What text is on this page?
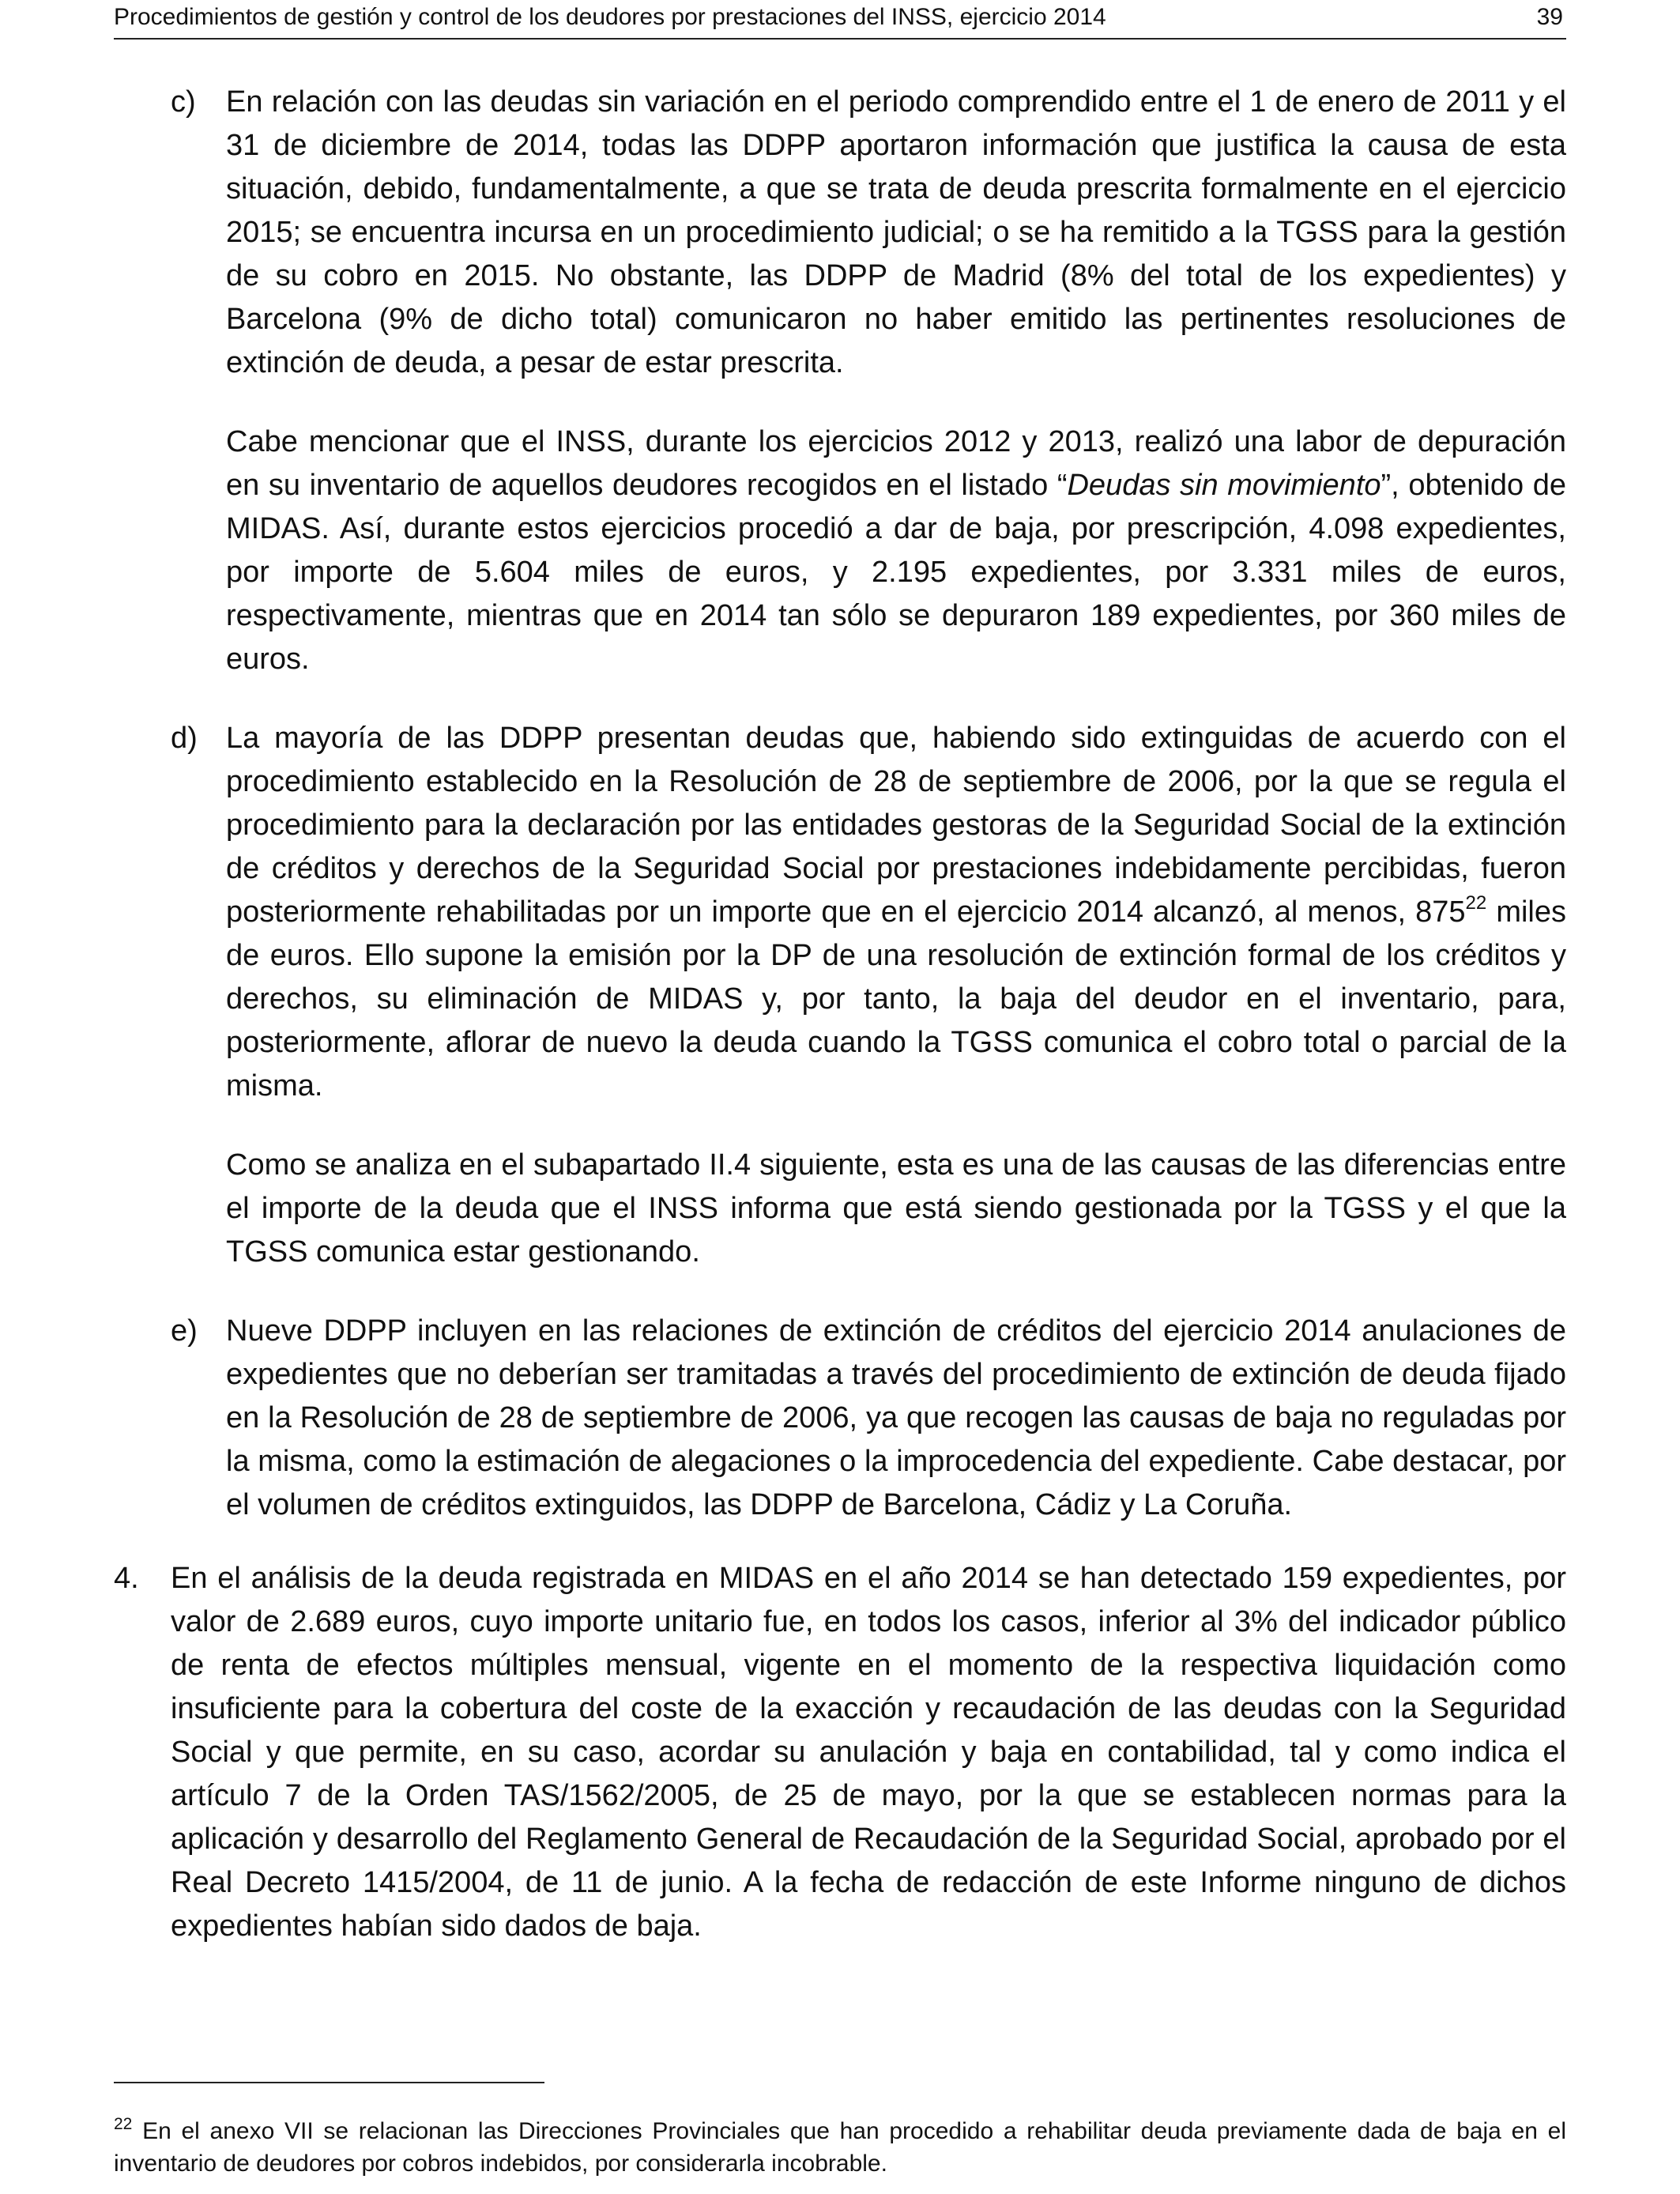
Procedimientos de gestión y control de los deudores por prestaciones del INSS, ejercicio 2014	39
c) En relación con las deudas sin variación en el periodo comprendido entre el 1 de enero de 2011 y el 31 de diciembre de 2014, todas las DDPP aportaron información que justifica la causa de esta situación, debido, fundamentalmente, a que se trata de deuda prescrita formalmente en el ejercicio 2015; se encuentra incursa en un procedimiento judicial; o se ha remitido a la TGSS para la gestión de su cobro en 2015. No obstante, las DDPP de Madrid (8% del total de los expedientes) y Barcelona (9% de dicho total) comunicaron no haber emitido las pertinentes resoluciones de extinción de deuda, a pesar de estar prescrita.

Cabe mencionar que el INSS, durante los ejercicios 2012 y 2013, realizó una labor de depuración en su inventario de aquellos deudores recogidos en el listado “Deudas sin movimiento”, obtenido de MIDAS. Así, durante estos ejercicios procedió a dar de baja, por prescripción, 4.098 expedientes, por importe de 5.604 miles de euros, y 2.195 expedientes, por 3.331 miles de euros, respectivamente, mientras que en 2014 tan sólo se depuraron 189 expedientes, por 360 miles de euros.

d) La mayoría de las DDPP presentan deudas que, habiendo sido extinguidas de acuerdo con el procedimiento establecido en la Resolución de 28 de septiembre de 2006, por la que se regula el procedimiento para la declaración por las entidades gestoras de la Seguridad Social de la extinción de créditos y derechos de la Seguridad Social por prestaciones indebidamente percibidas, fueron posteriormente rehabilitadas por un importe que en el ejercicio 2014 alcanzó, al menos, $875^{22}$ miles de euros. Ello supone la emisión por la DP de una resolución de extinción formal de los créditos y derechos, su eliminación de MIDAS y, por tanto, la baja del deudor en el inventario, para, posteriormente, aflorar de nuevo la deuda cuando la TGSS comunica el cobro total o parcial de la misma.

Como se analiza en el subapartado II.4 siguiente, esta es una de las causas de las diferencias entre el importe de la deuda que el INSS informa que está siendo gestionada por la TGSS y el que la TGSS comunica estar gestionando.

e) Nueve DDPP incluyen en las relaciones de extinción de créditos del ejercicio 2014 anulaciones de expedientes que no deberían ser tramitadas a través del procedimiento de extinción de deuda fijado en la Resolución de 28 de septiembre de 2006, ya que recogen las causas de baja no reguladas por la misma, como la estimación de alegaciones o la improcedencia del expediente. Cabe destacar, por el volumen de créditos extinguidos, las DDPP de Barcelona, Cádiz y La Coruña.

4. En el análisis de la deuda registrada en MIDAS en el año 2014 se han detectado 159 expedientes, por valor de 2.689 euros, cuyo importe unitario fue, en todos los casos, inferior al 3% del indicador público de renta de efectos múltiples mensual, vigente en el momento de la respectiva liquidación como insuficiente para la cobertura del coste de la exacción y recaudación de las deudas con la Seguridad Social y que permite, en su caso, acordar su anulación y baja en contabilidad, tal y como indica el artículo 7 de la Orden TAS/1562/2005, de 25 de mayo, por la que se establecen normas para la aplicación y desarrollo del Reglamento General de Recaudación de la Seguridad Social, aprobado por el Real Decreto 1415/2004, de 11 de junio. A la fecha de redacción de este Informe ninguno de dichos expedientes habían sido dados de baja.

$^{22}$ En el anexo VII se relacionan las Direcciones Provinciales que han procedido a rehabilitar deuda previamente dada de baja en el inventario de deudores por cobros indebidos, por considerarla incobrable.
